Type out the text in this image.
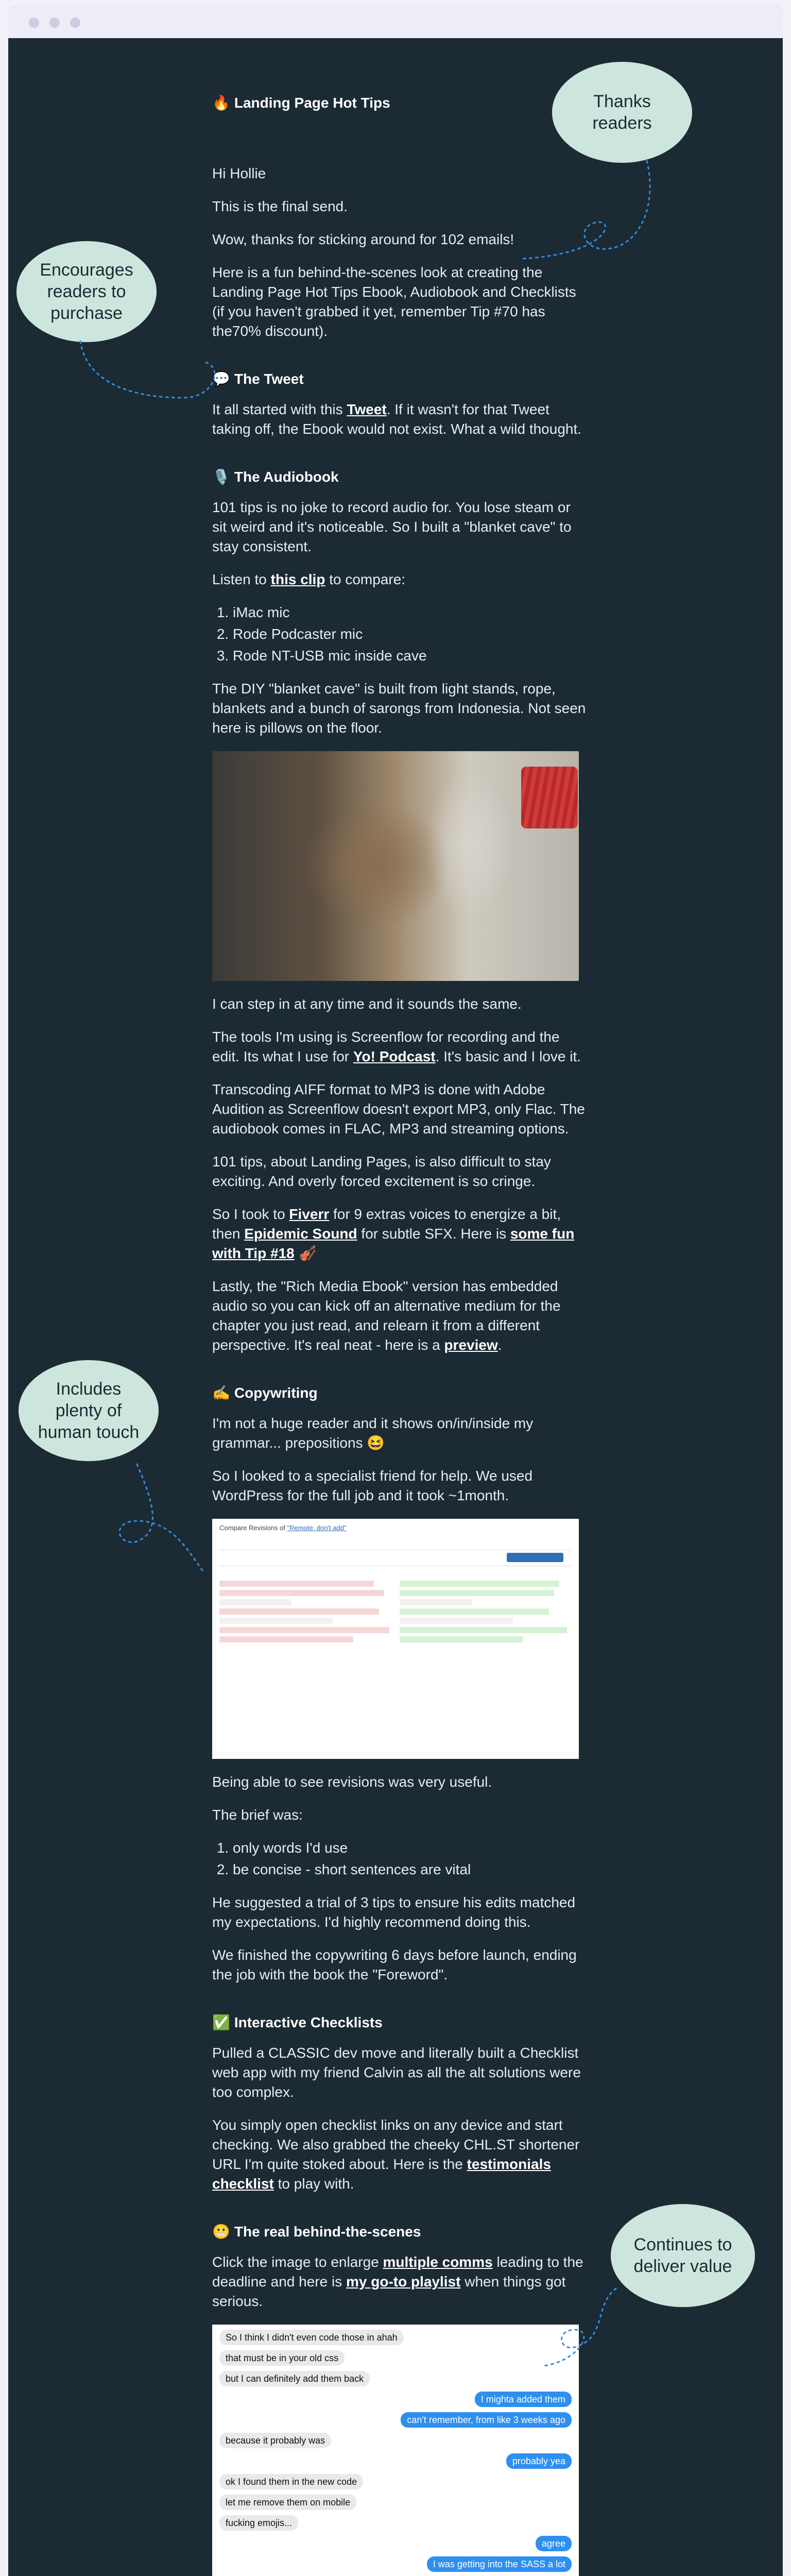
🔥 Landing Page Hot Tips

Hi Hollie

This is the final send.

Wow, thanks for sticking around for 102 emails!

Here is a fun behind-the-scenes look at creating the Landing Page Hot Tips Ebook, Audiobook and Checklists (if you haven't grabbed it yet, remember Tip #70 has the70% discount).

💬 The Tweet

It all started with this Tweet. If it wasn't for that Tweet taking off, the Ebook would not exist. What a wild thought.

🎙️ The Audiobook

101 tips is no joke to record audio for. You lose steam or sit weird and it's noticeable. So I built a "blanket cave" to stay consistent.

Listen to this clip to compare:

1. iMac mic
2. Rode Podcaster mic
3. Rode NT-USB mic inside cave

The DIY "blanket cave" is built from light stands, rope, blankets and a bunch of sarongs from Indonesia. Not seen here is pillows on the floor.

I can step in at any time and it sounds the same.

The tools I'm using is Screenflow for recording and the edit. Its what I use for Yo! Podcast. It's basic and I love it.

Transcoding AIFF format to MP3 is done with Adobe Audition as Screenflow doesn't export MP3, only Flac. The audiobook comes in FLAC, MP3 and streaming options.

101 tips, about Landing Pages, is also difficult to stay exciting. And overly forced excitement is so cringe.

So I took to Fiverr for 9 extras voices to energize a bit, then Epidemic Sound for subtle SFX. Here is some fun with Tip #18 🎻

Lastly, the "Rich Media Ebook" version has embedded audio so you can kick off an alternative medium for the chapter you just read, and relearn it from a different perspective. It's real neat - here is a preview.

✍️ Copywriting

I'm not a huge reader and it shows on/in/inside my grammar... prepositions 😆

So I looked to a specialist friend for help. We used WordPress for the full job and it took ~1month.

Compare Revisions of "Remote: don't add"

Being able to see revisions was very useful.

The brief was:

1. only words I'd use
2. be concise - short sentences are vital

He suggested a trial of 3 tips to ensure his edits matched my expectations. I'd highly recommend doing this.

We finished the copywriting 6 days before launch, ending the job with the book the "Foreword".

✅ Interactive Checklists

Pulled a CLASSIC dev move and literally built a Checklist web app with my friend Calvin as all the alt solutions were too complex.

You simply open checklist links on any device and start checking. We also grabbed the cheeky CHL.ST shortener URL I'm quite stoked about. Here is the testimonials checklist to play with.

😬 The real behind-the-scenes

Click the image to enlarge multiple comms leading to the deadline and here is my go-to playlist when things got serious.

So I think I didn't even code those in ahah
that must be in your old css
but I can definitely add them back
I mighta added them
can't remember, from like 3 weeks ago
because it probably was
probably yea
ok I found them in the new code
let me remove them on mobile
fucking emojis...
agree
I was getting into the SASS a lot

Thanks readers
Encourages readers to purchase
Includes plenty of human touch
Continues to deliver value
